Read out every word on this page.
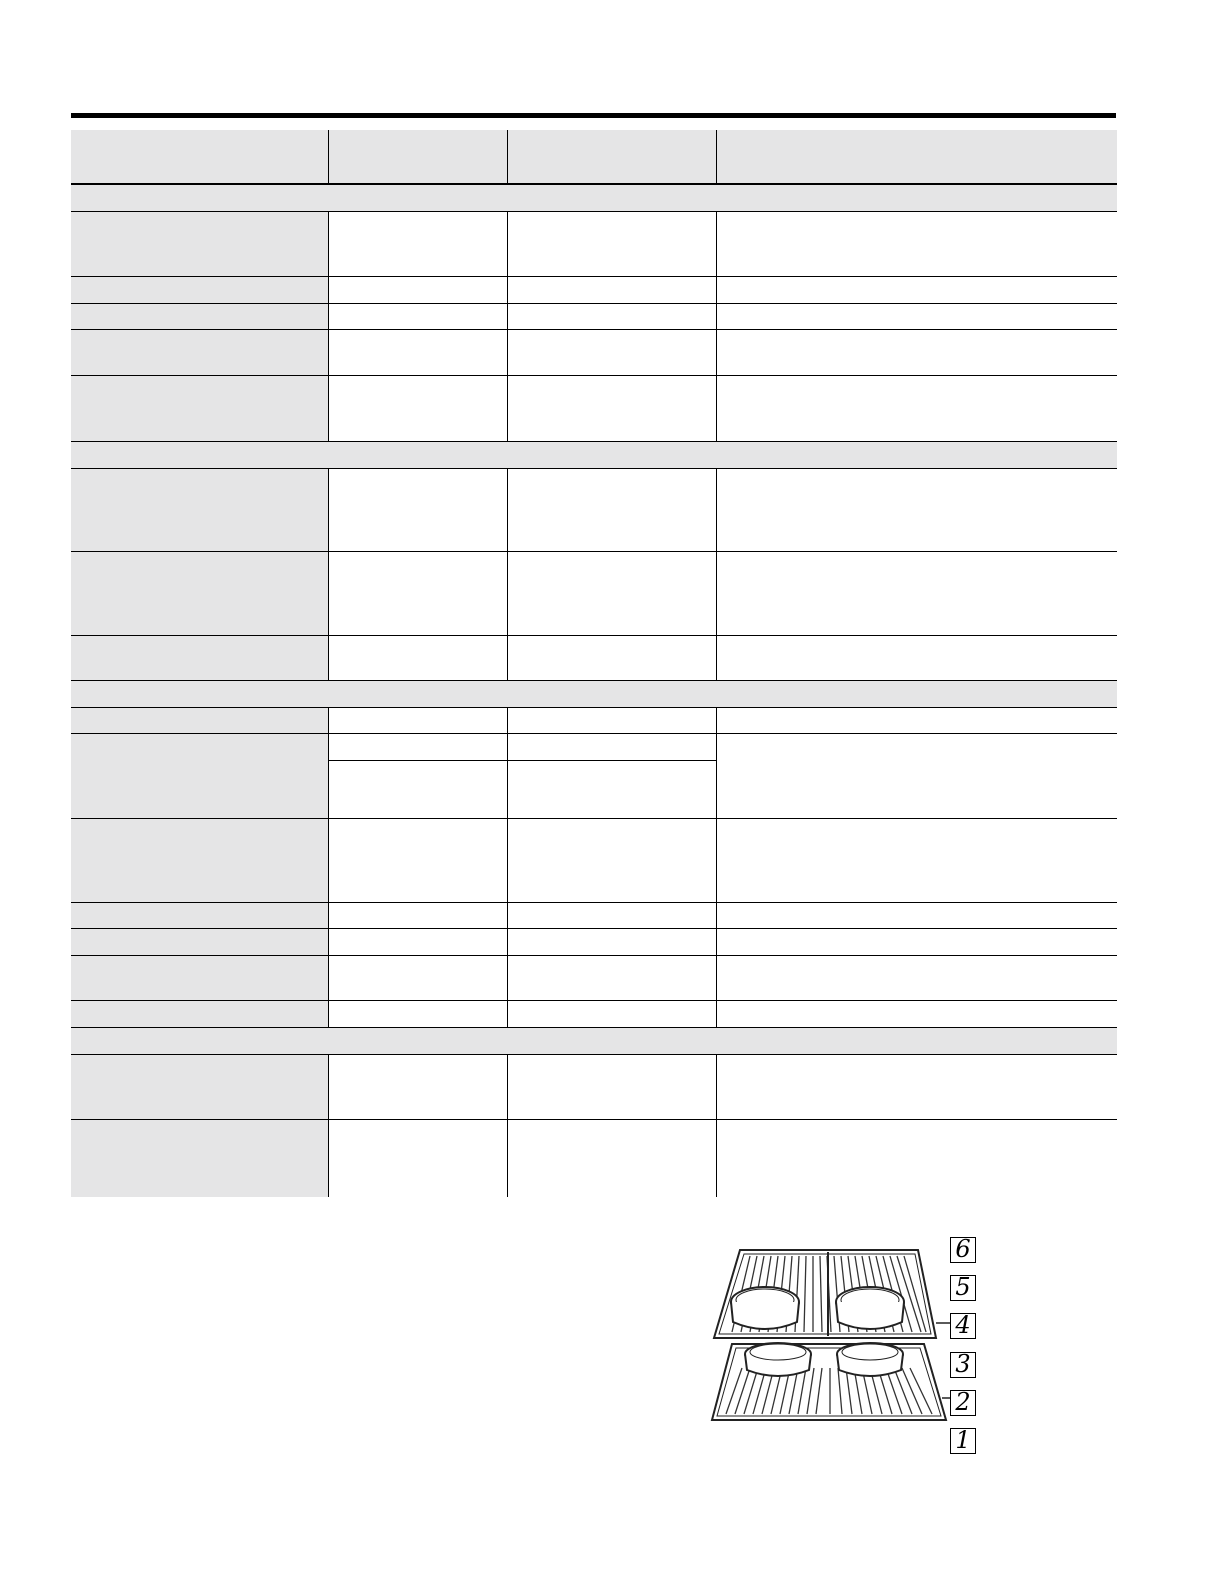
6
5
4
3
2
1
